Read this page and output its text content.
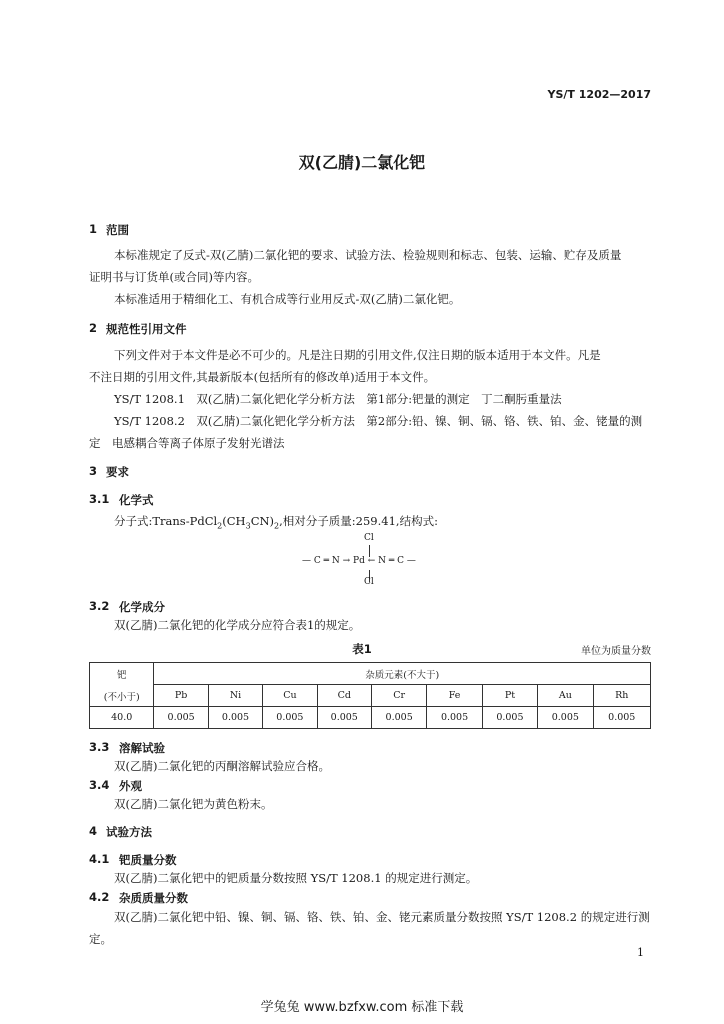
YS/T 1202—2017
双(乙腈)二氯化钯
1 范围
本标准规定了反式-双(乙腈)二氯化钯的要求、试验方法、检验规则和标志、包装、运输、贮存及质量
证明书与订货单(或合同)等内容。
本标准适用于精细化工、有机合成等行业用反式-双(乙腈)二氯化钯。
2 规范性引用文件
下列文件对于本文件是必不可少的。凡是注日期的引用文件,仅注日期的版本适用于本文件。凡是
不注日期的引用文件,其最新版本(包括所有的修改单)适用于本文件。
YS/T 1208.1　双(乙腈)二氯化钯化学分析方法　第1部分:钯量的测定　丁二酮肟重量法
YS/T 1208.2　双(乙腈)二氯化钯化学分析方法　第2部分:铅、镍、铜、镉、铬、铁、铂、金、铑量的测
定　电感耦合等离子体原子发射光谱法
3 要求
3.1 化学式
分子式$:Trans-PdCl_2(CH_3CN)_2$,相对分子质量:259.41,结构式:
Cl
— C ═ N → Pd ← N ═ C —
Cl
3.2 化学成分
双(乙腈)二氯化钯的化学成分应符合表1的规定。
表1	单位为质量分数
钯	杂质元素(不大于)								
(不小于)	Pb	Ni	Cu	Cd	Cr	Fe	Pt	Au	Rh
40.0	0.005	0.005	0.005	0.005	0.005	0.005	0.005	0.005	0.005
3.3 溶解试验
双(乙腈)二氯化钯的丙酮溶解试验应合格。
3.4 外观
双(乙腈)二氯化钯为黄色粉末。
4 试验方法
4.1 钯质量分数
双(乙腈)二氯化钯中的钯质量分数按照 YS/T 1208.1 的规定进行测定。
4.2 杂质质量分数
双(乙腈)二氯化钯中铅、镍、铜、镉、铬、铁、铂、金、铑元素质量分数按照 YS/T 1208.2 的规定进行测
定。
1
学兔兔 www.bzfxw.com 标准下载
